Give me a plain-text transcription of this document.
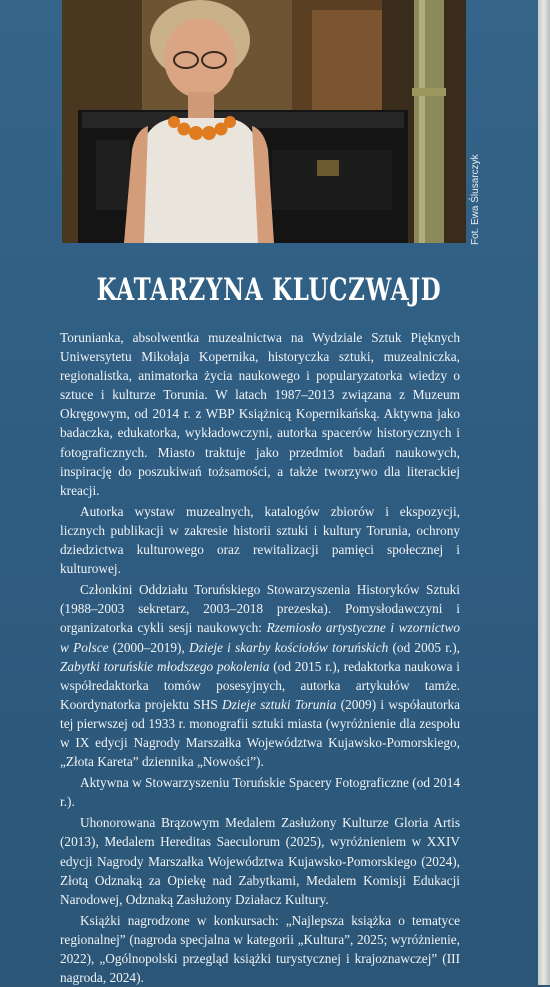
Fot. Ewa Ślusarczyk
KATARZYNA KLUCZWAJD

Torunianka, absolwentka muzealnictwa na Wydziale Sztuk Pięknych Uniwersytetu Mikołaja Kopernika, historyczka sztuki, muzealniczka, regionalistka, animatorka życia naukowego i popularyzatorka wiedzy o sztuce i kulturze Torunia. W latach 1987–2013 związana z Muzeum Okręgowym, od 2014 r. z WBP Książnicą Kopernikańską. Aktywna jako badaczka, edukatorka, wykładowczyni, autorka spacerów historycznych i fotograficznych. Miasto traktuje jako przedmiot badań naukowych, inspirację do poszukiwań tożsamości, a także tworzywo dla literackiej kreacji.

Autorka wystaw muzealnych, katalogów zbiorów i ekspozycji, licznych publikacji w zakresie historii sztuki i kultury Torunia, ochrony dziedzictwa kulturowego oraz rewitalizacji pamięci społecznej i kulturowej.

Członkini Oddziału Toruńskiego Stowarzyszenia Historyków Sztuki (1988–2003 sekretarz, 2003–2018 prezeska). Pomysłodawczyni i organizatorka cykli sesji naukowych: Rzemiosło artystyczne i wzornictwo w Polsce (2000–2019), Dzieje i skarby kościołów toruńskich (od 2005 r.), Zabytki toruńskie młodszego pokolenia (od 2015 r.), redaktorka naukowa i współredaktorka tomów posesyjnych, autorka artykułów tamże. Koordynatorka projektu SHS Dzieje sztuki Torunia (2009) i współautorka tej pierwszej od 1933 r. monografii sztuki miasta (wyróżnienie dla zespołu w IX edycji Nagrody Marszałka Województwa Kujawsko-Pomorskiego, „Złota Kareta” dziennika „Nowości”).

Aktywna w Stowarzyszeniu Toruńskie Spacery Fotograficzne (od 2014 r.).

Uhonorowana Brązowym Medalem Zasłużony Kulturze Gloria Artis (2013), Medalem Hereditas Saeculorum (2025), wyróżnieniem w XXIV edycji Nagrody Marszałka Województwa Kujawsko-Pomorskiego (2024), Złotą Odznaką za Opiekę nad Zabytkami, Medalem Komisji Edukacji Narodowej, Odznaką Zasłużony Działacz Kultury.

Książki nagrodzone w konkursach: „Najlepsza książka o tematyce regionalnej” (nagroda specjalna w kategorii „Kultura”, 2025; wyróżnienie, 2022), „Ogólnopolski przegląd książki turystycznej i krajoznawczej” (III nagroda, 2024).
